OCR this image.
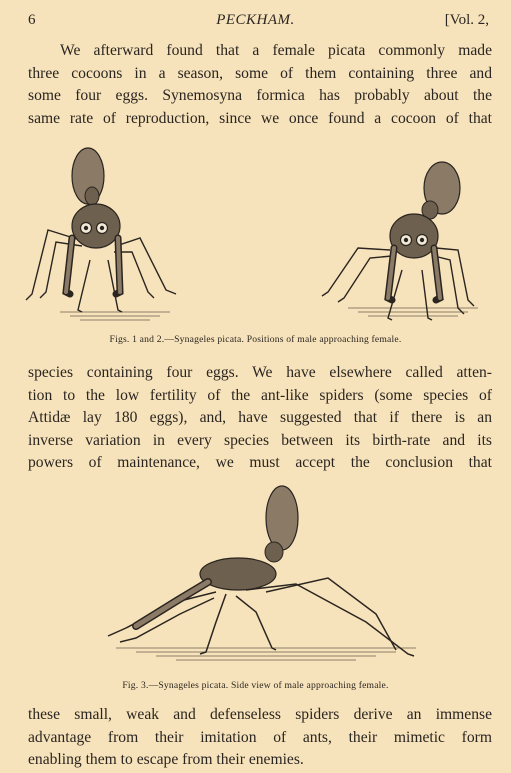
6	PECKHAM.	[Vol. 2,
We afterward found that a female picata commonly made
three cocoons in a season, some of them containing three and
some four eggs. Synemosyna formica has probably about the
same rate of reproduction, since we once found a cocoon of that
Figs. 1 and 2.—Synageles picata. Positions of male approaching female.
species containing four eggs. We have elsewhere called atten-
tion to the low fertility of the ant-like spiders (some species of
Attidæ lay 180 eggs), and, have suggested that if there is an
inverse variation in every species between its birth-rate and its
powers of maintenance, we must accept the conclusion that
Fig. 3.—Synageles picata. Side view of male approaching female.
these small, weak and defenseless spiders derive an immense
advantage from their imitation of ants, their mimetic form
enabling them to escape from their enemies.
